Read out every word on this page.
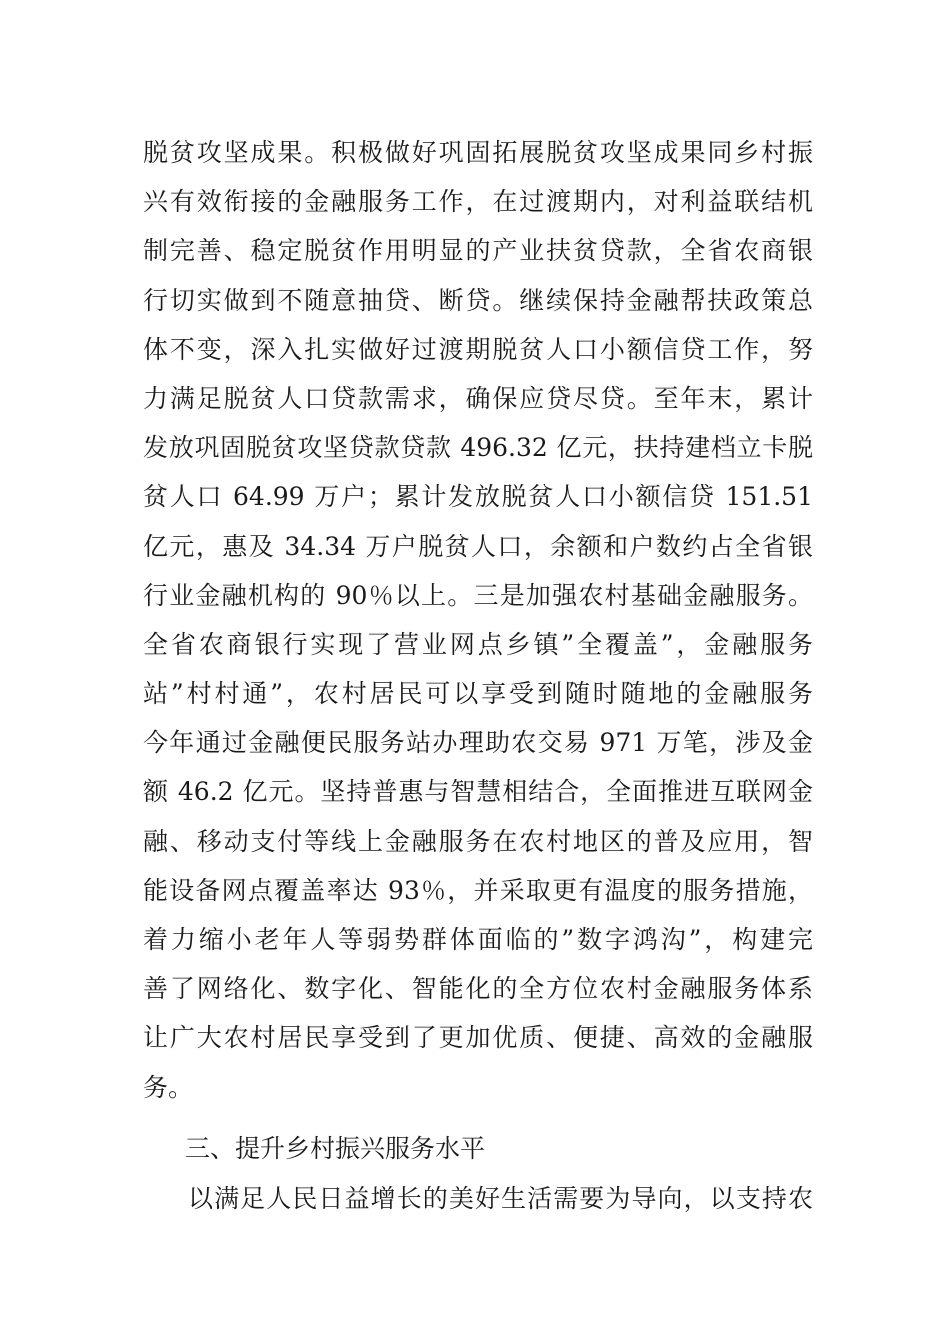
脱贫攻坚成果。积极做好巩固拓展脱贫攻坚成果同乡村振
兴有效衔接的金融服务工作，在过渡期内，对利益联结机
制完善、稳定脱贫作用明显的产业扶贫贷款，全省农商银
行切实做到不随意抽贷、断贷。继续保持金融帮扶政策总
体不变，深入扎实做好过渡期脱贫人口小额信贷工作，努
力满足脱贫人口贷款需求，确保应贷尽贷。至年末，累计
发放巩固脱贫攻坚贷款贷款 496.32 亿元，扶持建档立卡脱
贫人口 64.99 万户；累计发放脱贫人口小额信贷 151.51
亿元，惠及 34.34 万户脱贫人口，余额和户数约占全省银
行业金融机构的 90％以上。三是加强农村基础金融服务。
全省农商银行实现了营业网点乡镇”全覆盖”，金融服务
站”村村通”，农村居民可以享受到随时随地的金融服务
今年通过金融便民服务站办理助农交易 971 万笔，涉及金
额 46.2 亿元。坚持普惠与智慧相结合，全面推进互联网金
融、移动支付等线上金融服务在农村地区的普及应用，智
能设备网点覆盖率达 93％，并采取更有温度的服务措施，
着力缩小老年人等弱势群体面临的”数字鸿沟”，构建完
善了网络化、数字化、智能化的全方位农村金融服务体系
让广大农村居民享受到了更加优质、便捷、高效的金融服
务。
三、提升乡村振兴服务水平
以满足人民日益增长的美好生活需要为导向，以支持农
